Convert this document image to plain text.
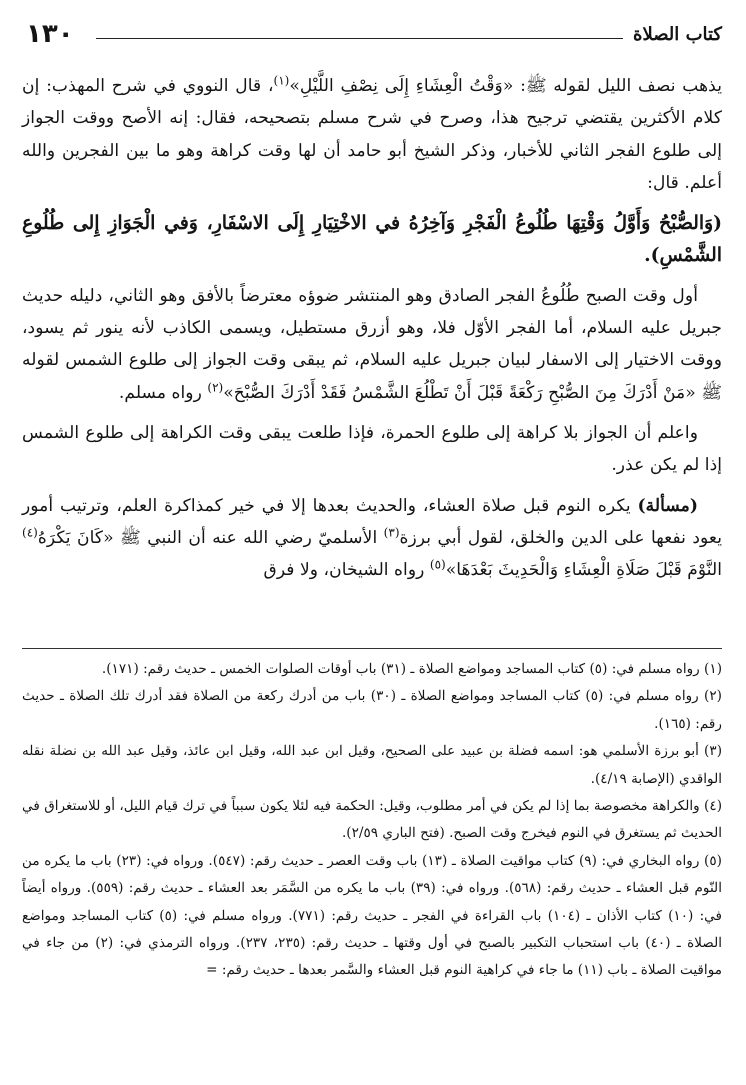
١٣٠	كتاب الصلاة

يذهب نصف الليل لقوله ﷺ: «وَقْتُ الْعِشَاءِ إِلَى نِصْفِ اللَّيْلِ»$^{(١)}$، قال النووي في شرح المهذب: إن كلام الأكثرين يقتضي ترجيح هذا، وصرح في شرح مسلم بتصحيحه، فقال: إنه الأصح ووقت الجواز إلى طلوع الفجر الثاني للأخبار، وذكر الشيخ أبو حامد أن لها وقت كراهة وهو ما بين الفجرين والله أعلم. قال:

(وَالصُّبْحُ وَأَوَّلُ وَقْتِهَا طُلُوعُ الْفَجْرِ وَآخِرُهُ في الاخْتِيَارِ إِلَى الاسْفَارِ، وَفي الْجَوَازِ إِلى طُلُوعِ الشَّمْسِ).

أول وقت الصبح طُلُوعُ الفجر الصادق وهو المنتشر ضوؤه معترضاً بالأفق وهو الثاني، دليله حديث جبريل عليه السلام، أما الفجر الأوّل فلا، وهو أزرق مستطيل، ويسمى الكاذب لأنه ينور ثم يسود، ووقت الاختيار إلى الاسفار لبيان جبريل عليه السلام، ثم يبقى وقت الجواز إلى طلوع الشمس لقوله ﷺ «مَنْ أَدْرَكَ مِنَ الصُّبْحِ رَكْعَةً قَبْلَ أَنْ تَطْلُعَ الشَّمْسُ فَقَدْ أَدْرَكَ الصُّبْحَ»$^{(٢)}$ رواه مسلم.

واعلم أن الجواز بلا كراهة إلى طلوع الحمرة، فإذا طلعت يبقى وقت الكراهة إلى طلوع الشمس إذا لم يكن عذر.

(مسألة) يكره النوم قبل صلاة العشاء، والحديث بعدها إلا في خير كمذاكرة العلم، وترتيب أمور يعود نفعها على الدين والخلق، لقول أبي برزة$^{(٣)}$ الأسلميّ رضي الله عنه أن النبي ﷺ «كَانَ يَكْرَهُ$^{(٤)}$ النَّوْمَ قَبْلَ صَلَاةِ الْعِشَاءِ وَالْحَدِيثَ بَعْدَهَا»$^{(٥)}$ رواه الشيخان، ولا فرق

(١) رواه مسلم في: (٥) كتاب المساجد ومواضع الصلاة ـ (٣١) باب أوقات الصلوات الخمس ـ حديث رقم: (١٧١).

(٢) رواه مسلم في: (٥) كتاب المساجد ومواضع الصلاة ـ (٣٠) باب من أدرك ركعة من الصلاة فقد أدرك تلك الصلاة ـ حديث رقم: (١٦٥).

(٣) أبو برزة الأسلمي هو: اسمه فضلة بن عبيد على الصحيح، وقيل ابن عبد الله، وقيل ابن عائذ، وقيل عبد الله بن نضلة نقله الواقدي (الإصابة ٤/١٩).

(٤) والكراهة مخصوصة بما إذا لم يكن في أمر مطلوب، وقيل: الحكمة فيه لئلا يكون سبباً في ترك قيام الليل، أو للاستغراق في الحديث ثم يستغرق في النوم فيخرج وقت الصبح. (فتح الباري ٢/٥٩).

(٥) رواه البخاري في: (٩) كتاب مواقيت الصلاة ـ (١٣) باب وقت العصر ـ حديث رقم: (٥٤٧). ورواه في: (٢٣) باب ما يكره من النّوم قبل العشاء ـ حديث رقم: (٥٦٨). ورواه في: (٣٩) باب ما يكره من السَّمَر بعد العشاء ـ حديث رقم: (٥٥٩). ورواه أيضاً في: (١٠) كتاب الأذان ـ (١٠٤) باب القراءة في الفجر ـ حديث رقم: (٧٧١). ورواه مسلم في: (٥) كتاب المساجد ومواضع الصلاة ـ (٤٠) باب استحباب التكبير بالصبح في أول وقتها ـ حديث رقم: (٢٣٥، ٢٣٧). ورواه الترمذي في: (٢) من جاء في مواقيت الصلاة ـ باب (١١) ما جاء في كراهية النوم قبل العشاء والسَّمر بعدها ـ حديث رقم: =
